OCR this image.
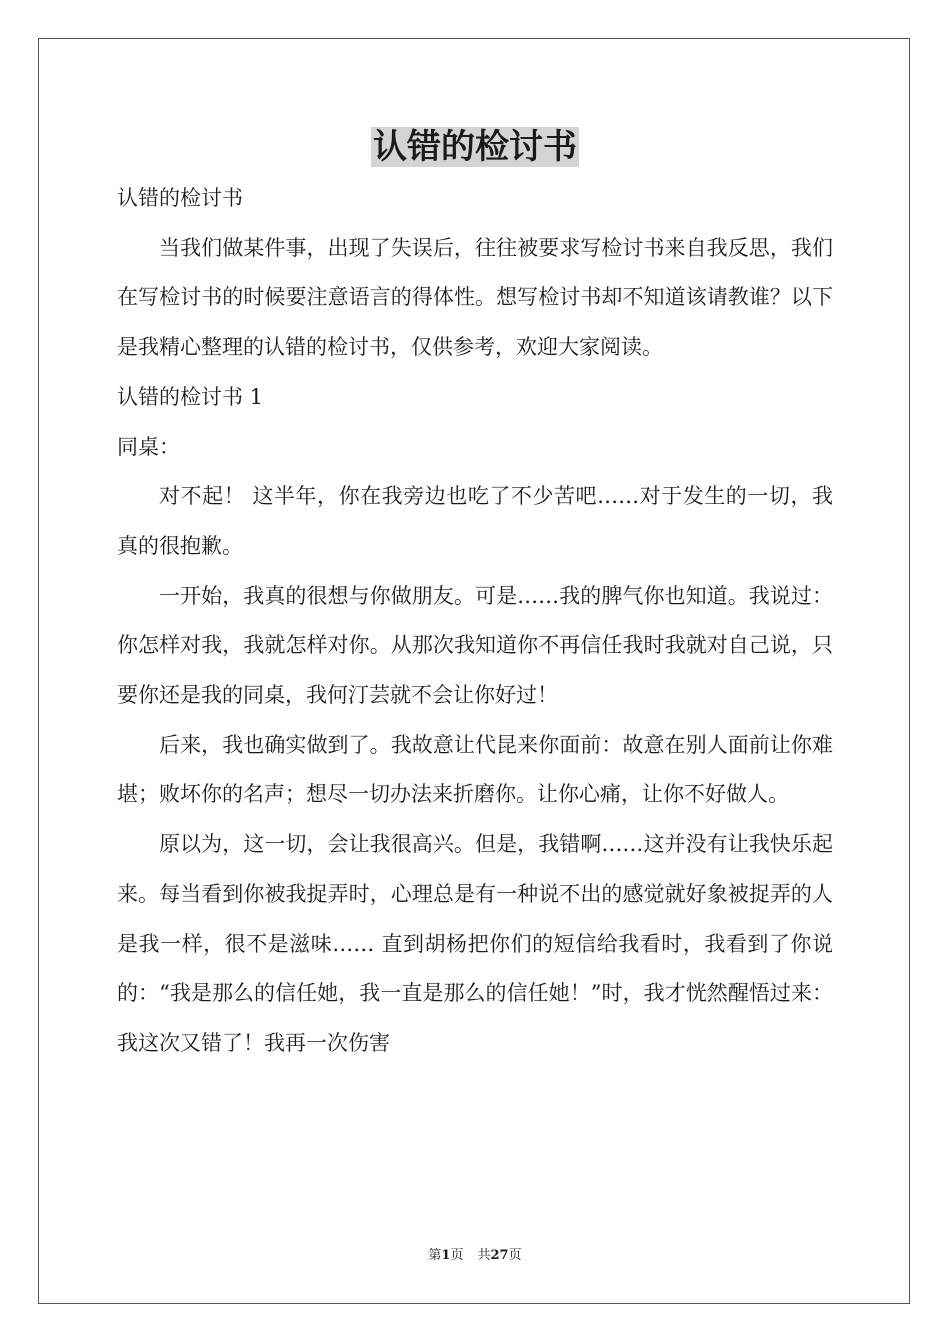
认错的检讨书

认错的检讨书

当我们做某件事，出现了失误后，往往被要求写检讨书来自我反思，我们在写检讨书的时候要注意语言的得体性。想写检讨书却不知道该请教谁？以下是我精心整理的认错的检讨书，仅供参考，欢迎大家阅读。

认错的检讨书 1

同桌：

对不起！ 这半年，你在我旁边也吃了不少苦吧……对于发生的一切，我真的很抱歉。

一开始，我真的很想与你做朋友。可是……我的脾气你也知道。我说过：你怎样对我，我就怎样对你。从那次我知道你不再信任我时我就对自己说，只要你还是我的同桌，我何汀芸就不会让你好过！

后来，我也确实做到了。我故意让代昆来你面前：故意在别人面前让你难堪；败坏你的名声；想尽一切办法来折磨你。让你心痛，让你不好做人。

原以为，这一切，会让我很高兴。但是，我错啊……这并没有让我快乐起来。每当看到你被我捉弄时，心理总是有一种说不出的感觉就好象被捉弄的人是我一样，很不是滋味…… 直到胡杨把你们的短信给我看时，我看到了你说的：“我是那么的信任她，我一直是那么的信任她！”时，我才恍然醒悟过来：我这次又错了！我再一次伤害

第1页 共27页
